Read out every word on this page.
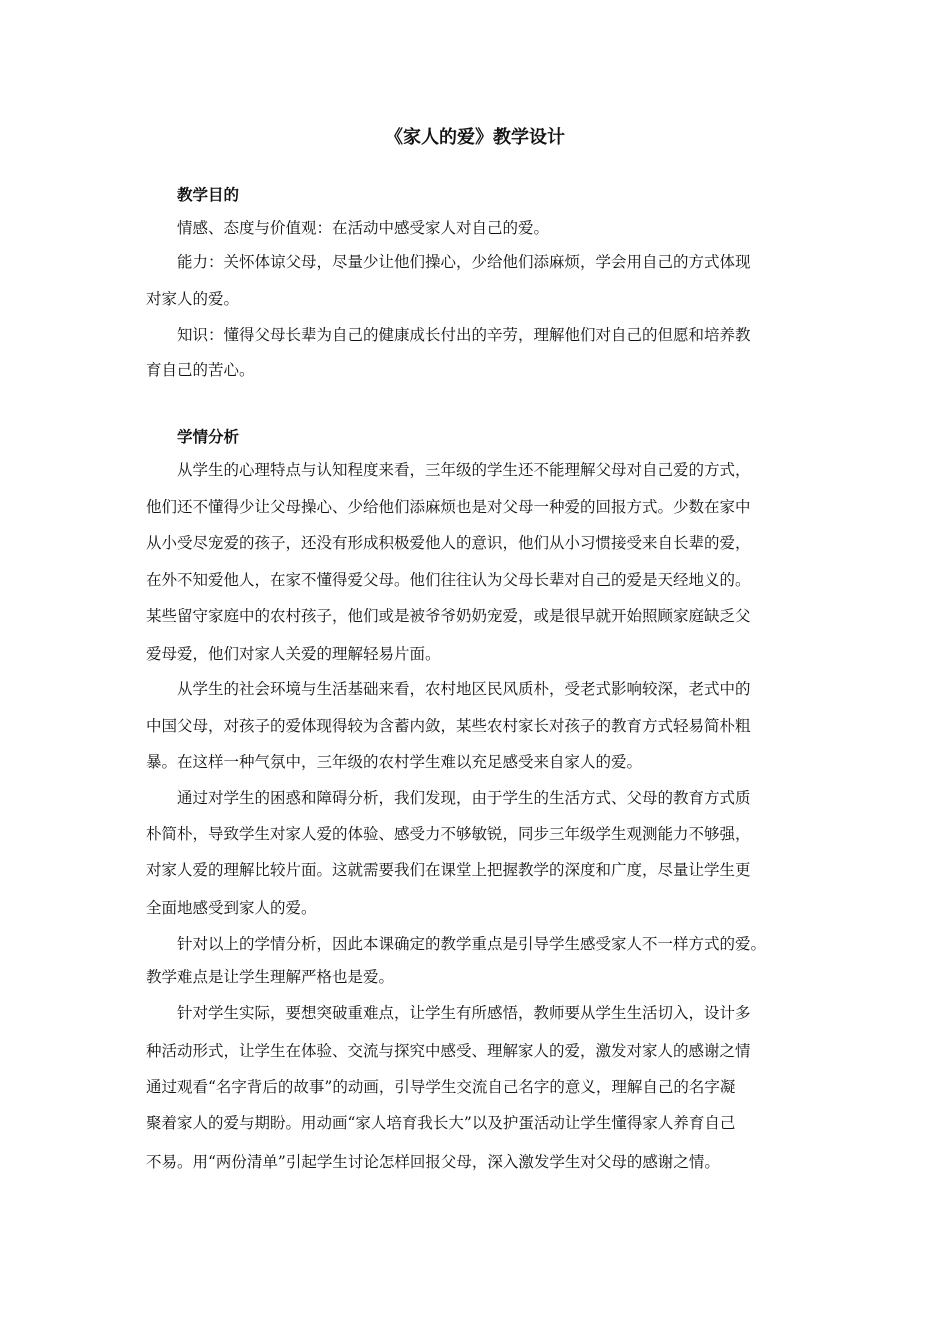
《家人的爱》教学设计
教学目的

情感、态度与价值观：在活动中感受家人对自己的爱。

能力：关怀体谅父母，尽量少让他们操心，少给他们添麻烦，学会用自己的方式体现

对家人的爱。

知识：懂得父母长辈为自己的健康成长付出的辛劳，理解他们对自己的但愿和培养教

育自己的苦心。

学情分析

从学生的心理特点与认知程度来看，三年级的学生还不能理解父母对自己爱的方式，

他们还不懂得少让父母操心、少给他们添麻烦也是对父母一种爱的回报方式。少数在家中

从小受尽宠爱的孩子，还没有形成积极爱他人的意识，他们从小习惯接受来自长辈的爱，

在外不知爱他人，在家不懂得爱父母。他们往往认为父母长辈对自己的爱是天经地义的。

某些留守家庭中的农村孩子，他们或是被爷爷奶奶宠爱，或是很早就开始照顾家庭缺乏父

爱母爱，他们对家人关爱的理解轻易片面。

从学生的社会环境与生活基础来看，农村地区民风质朴，受老式影响较深，老式中的

中国父母，对孩子的爱体现得较为含蓄内敛，某些农村家长对孩子的教育方式轻易简朴粗

暴。在这样一种气氛中，三年级的农村学生难以充足感受来自家人的爱。

通过对学生的困惑和障碍分析，我们发现，由于学生的生活方式、父母的教育方式质

朴简朴，导致学生对家人爱的体验、感受力不够敏锐，同步三年级学生观测能力不够强，

对家人爱的理解比较片面。这就需要我们在课堂上把握教学的深度和广度，尽量让学生更

全面地感受到家人的爱。

针对以上的学情分析，因此本课确定的教学重点是引导学生感受家人不一样方式的爱。

教学难点是让学生理解严格也是爱。

针对学生实际，要想突破重难点，让学生有所感悟，教师要从学生生活切入，设计多

种活动形式，让学生在体验、交流与探究中感受、理解家人的爱，激发对家人的感谢之情

通过观看“名字背后的故事”的动画，引导学生交流自己名字的意义，理解自己的名字凝

聚着家人的爱与期盼。用动画“家人培育我长大”以及护蛋活动让学生懂得家人养育自己

不易。用“两份清单”引起学生讨论怎样回报父母，深入激发学生对父母的感谢之情。
